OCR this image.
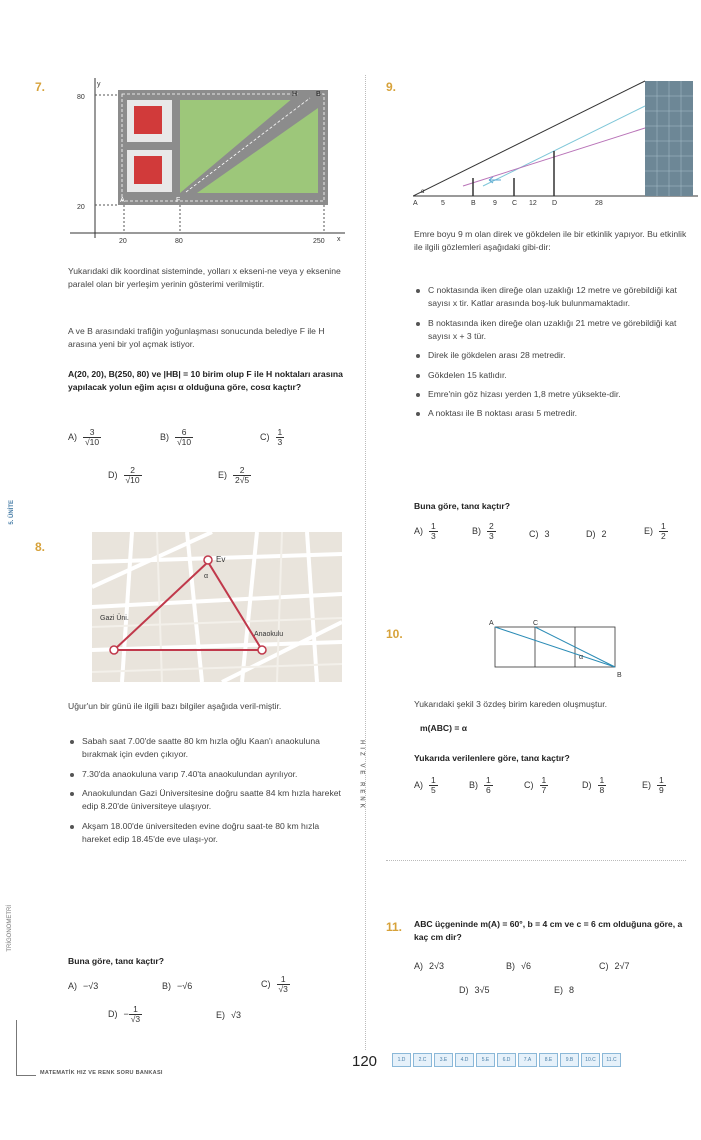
7.	y
x
80
20
20	80	250
A
B
F
H
Yukarıdaki dik koordinat sisteminde, yolları x ekseni-ne veya y eksenine paralel olan bir yerleşim yerinin gösterimi verilmiştir.
A ve B arasındaki trafiğin yoğunlaşması sonucunda belediye F ile H arasına yeni bir yol açmak istiyor.
A(20, 20), B(250, 80) ve |HB| = 10 birim olup F ile H noktaları arasına yapılacak yolun eğim açısı α olduğuna göre, cosα kaçtır?
$A) \frac{3}{√10}$	$B) \frac{6}{√10}$	$C) \frac{1}{3}$
$D) \frac{2}{√10}$	$E) \frac{2}{2√5}$
8.
Ev
Gazi Üni.
Anaokulu
α
Uğur'un bir günü ile ilgili bazı bilgiler aşağıda veril-miştir.
Sabah saat 7.00'de saatte 80 km hızla oğlu Kaan'ı anaokuluna bırakmak için evden çıkıyor.
7.30'da anaokuluna varıp 7.40'ta anaokulundan ayrılıyor.
Anaokulundan Gazi Üniversitesine doğru saatte 84 km hızla hareket edip 8.20'de üniversiteye ulaşıyor.
Akşam 18.00'de üniversiteden evine doğru saat-te 80 km hızla hareket edip 18.45'de eve ulaşı-yor.
Buna göre, tanα kaçtır?
A) −√3	B) −√6	$C) \frac{1}{√3}$
$D) - \frac{1}{√3}$	E) √3
9.
A
α
5	B 9 C 12 D	28
Emre boyu 9 m olan direk ve gökdelen ile bir etkinlik yapıyor. Bu etkinlik ile ilgili gözlemleri aşağıdaki gibi-dir:
C noktasında iken direğe olan uzaklığı 12 metre ve görebildiği kat sayısı x tir. Katlar arasında boş-luk bulunmamaktadır.
B noktasında iken direğe olan uzaklığı 21 metre ve görebildiği kat sayısı x + 3 tür.
Direk ile gökdelen arası 28 metredir.
Gökdelen 15 katlıdır.
Emre'nin göz hizası yerden 1,8 metre yüksekte-dir.
A noktası ile B noktası arası 5 metredir.
Buna göre, tanα kaçtır?
$A) \frac{1}{3}$	$B) \frac{2}{3}$	C) 3	D) 2	$E) \frac{1}{2}$
10.
A	C
B
α
Yukarıdaki şekil 3 özdeş birim kareden oluşmuştur.
m(ABC) = α
Yukarıda verilenlere göre, tanα kaçtır?
$A) \frac{1}{5}$	$B) \frac{1}{6}$	$C) \frac{1}{7}$	$D) \frac{1}{8}$	$E) \frac{1}{9}$
11. ABC üçgeninde m(A) = 60°, b = 4 cm ve c = 6 cm olduğuna göre, a kaç cm dir?
A) 2√3	B) √6	C) 2√7
D) 3√5	E) 8
HIZ VE RENK
5. ÜNİTE
TRİGONOMETRİ
MATEMATİK HIZ VE RENK SORU BANKASI
120	1.D	2.C	3.E	4.D	5.E	6.D	7.A	8.E	9.B	10.C	11.C
